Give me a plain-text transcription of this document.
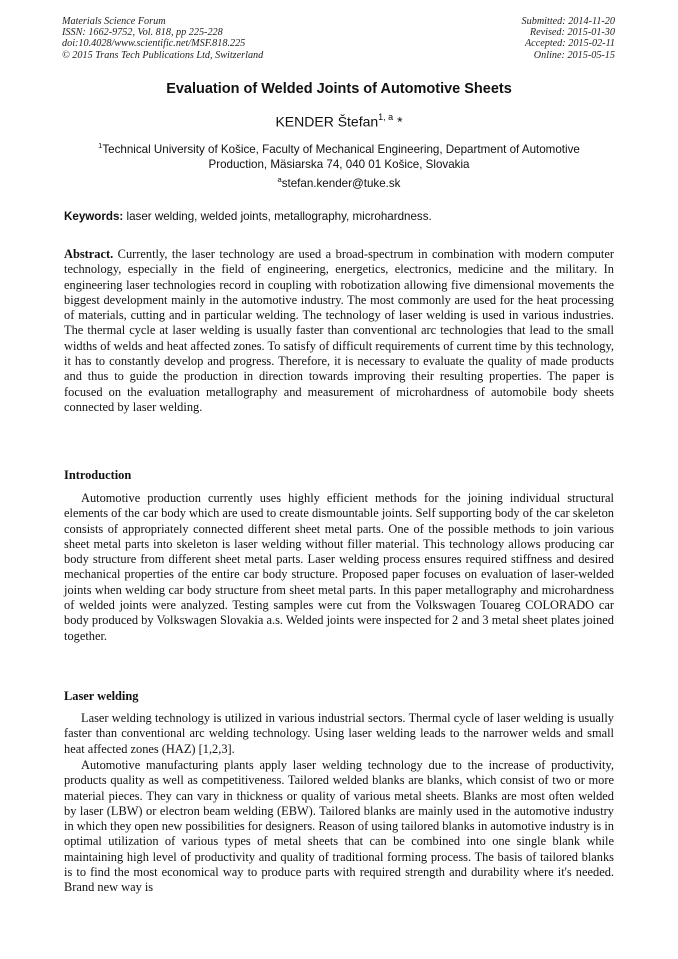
Materials Science Forum
ISSN: 1662-9752, Vol. 818, pp 225-228
doi:10.4028/www.scientific.net/MSF.818.225
© 2015 Trans Tech Publications Ltd, Switzerland
Submitted: 2014-11-20
Revised: 2015-01-30
Accepted: 2015-02-11
Online: 2015-05-15
Evaluation of Welded Joints of Automotive Sheets
KENDER Štefan$^{1, a}$ *
$^1$Technical University of Košice, Faculty of Mechanical Engineering, Department of Automotive Production, Mäsiarska 74, 040 01 Košice, Slovakia
$^a$stefan.kender@tuke.sk
Keywords: laser welding, welded joints, metallography, microhardness.
Abstract. Currently, the laser technology are used a broad-spectrum in combination with modern computer technology, especially in the field of engineering, energetics, electronics, medicine and the military. In engineering laser technologies record in coupling with robotization allowing five dimensional movements the biggest development mainly in the automotive industry. The most commonly are used for the heat processing of materials, cutting and in particular welding. The technology of laser welding is used in various industries. The thermal cycle at laser welding is usually faster than conventional arc technologies that lead to the small widths of welds and heat affected zones. To satisfy of difficult requirements of current time by this technology, it has to constantly develop and progress. Therefore, it is necessary to evaluate the quality of made products and thus to guide the production in direction towards improving their resulting properties. The paper is focused on the evaluation metallography and measurement of microhardness of automobile body sheets connected by laser welding.
Introduction
Automotive production currently uses highly efficient methods for the joining individual structural elements of the car body which are used to create dismountable joints. Self supporting body of the car skeleton consists of appropriately connected different sheet metal parts. One of the possible methods to join various sheet metal parts into skeleton is laser welding without filler material. This technology allows producing car body structure from different sheet metal parts. Laser welding process ensures required stiffness and desired mechanical properties of the entire car body structure. Proposed paper focuses on evaluation of laser-welded joints when welding car body structure from sheet metal parts. In this paper metallography and microhardness of welded joints were analyzed. Testing samples were cut from the Volkswagen Touareg COLORADO car body produced by Volkswagen Slovakia a.s. Welded joints were inspected for 2 and 3 metal sheet plates joined together.
Laser welding
Laser welding technology is utilized in various industrial sectors. Thermal cycle of laser welding is usually faster than conventional arc welding technology. Using laser welding leads to the narrower welds and small heat affected zones (HAZ) [1,2,3].
Automotive manufacturing plants apply laser welding technology due to the increase of productivity, products quality as well as competitiveness. Tailored welded blanks are blanks, which consist of two or more material pieces. They can vary in thickness or quality of various metal sheets. Blanks are most often welded by laser (LBW) or electron beam welding (EBW). Tailored blanks are mainly used in the automotive industry in which they open new possibilities for designers. Reason of using tailored blanks in automotive industry is in optimal utilization of various types of metal sheets that can be combined into one single blank while maintaining high level of productivity and quality of traditional forming process. The basis of tailored blanks is to find the most economical way to produce parts with required strength and durability where it's needed. Brand new way is
